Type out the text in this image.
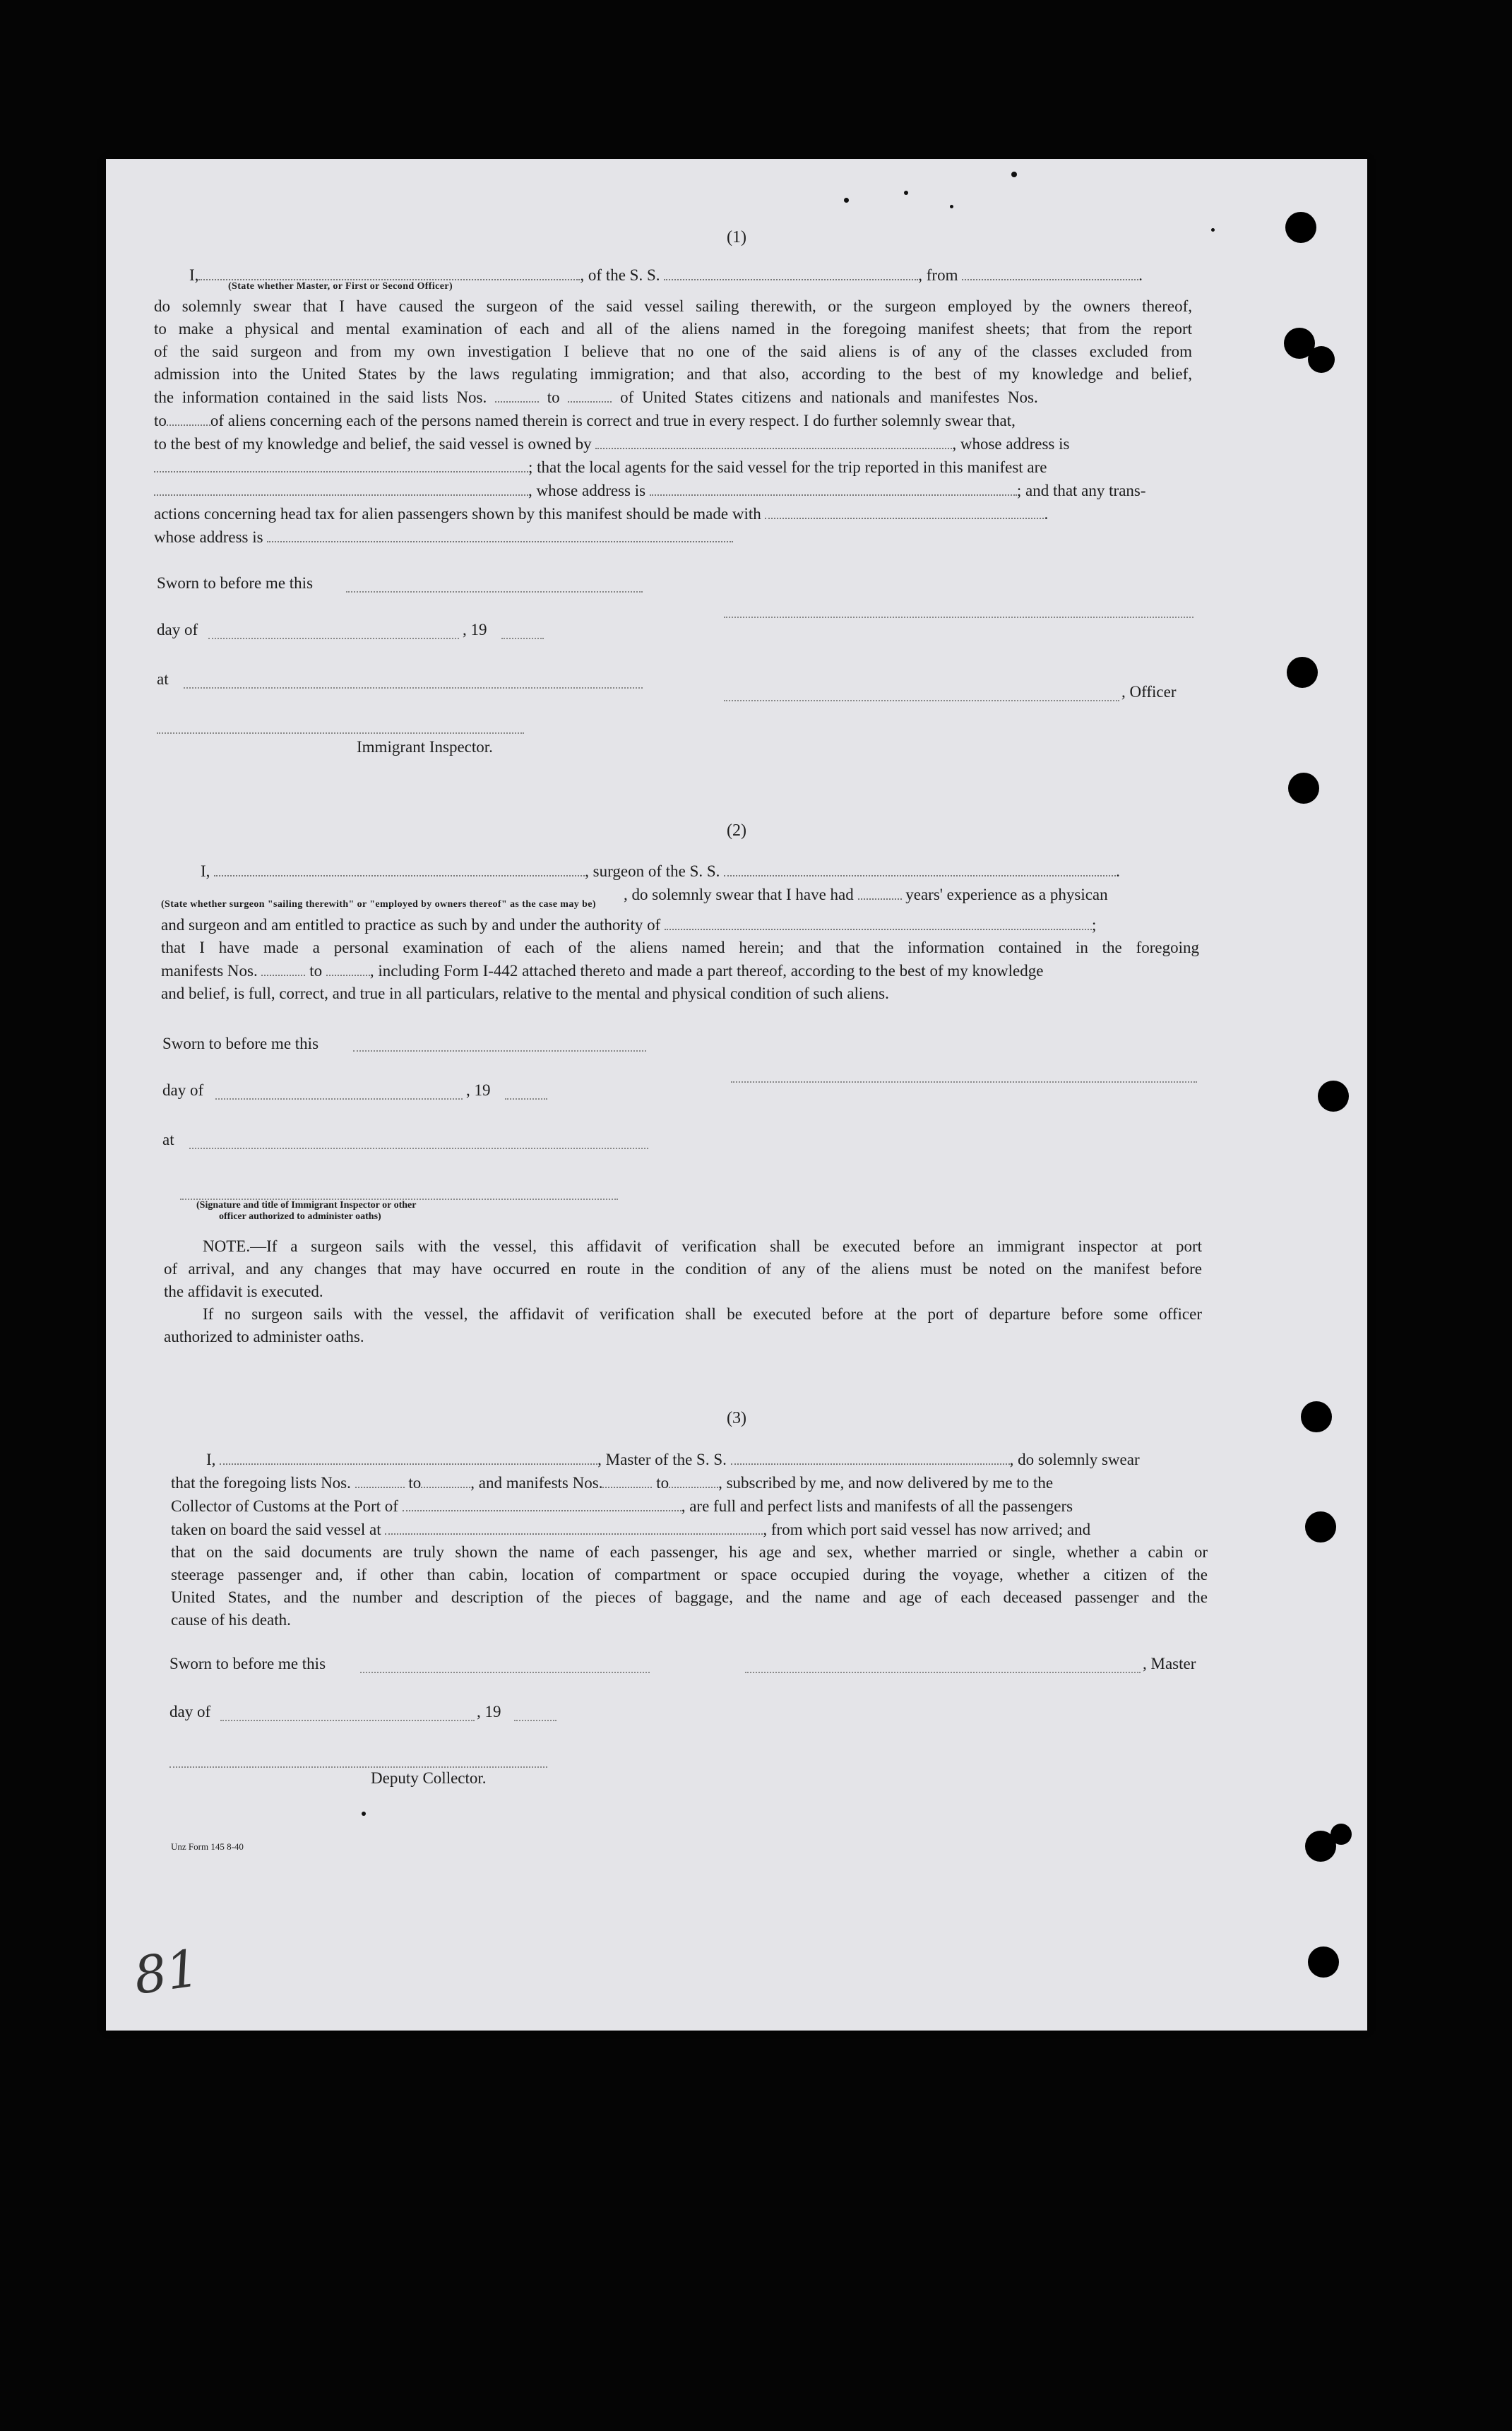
(1)
I,	, of the S. S.	, from	.
(State whether Master, or First or Second Officer)
do solemnly swear that I have caused the surgeon of the said vessel sailing therewith, or the surgeon employed by the owners thereof,
to make a physical and mental examination of each and all of the aliens named in the foregoing manifest sheets; that from the report
of the said surgeon and from my own investigation I believe that no one of the said aliens is of any of the classes excluded from
admission into the United States by the laws regulating immigration; and that also, according to the best of my knowledge and belief,
the information contained in the said lists Nos.	to	of United States citizens and nationals and manifestes Nos.
to	of aliens concerning each of the persons named therein is correct and true in every respect. I do further solemnly swear that,
to the best of my knowledge and belief, the said vessel is owned by	, whose address is
; that the local agents for the said vessel for the trip reported in this manifest are
, whose address is	; and that any trans-
actions concerning head tax for alien passengers shown by this manifest should be made with	.
whose address is
Sworn to before me this
day of	, 19
at
, Officer
Immigrant Inspector.
(2)
I,	, surgeon of the S. S.	.
, do solemnly swear that I have had	years' experience as a physican
(State whether surgeon "sailing therewith" or "employed by owners thereof" as the case may be)
and surgeon and am entitled to practice as such by and under the authority of	;
that I have made a personal examination of each of the aliens named herein; and that the information contained in the foregoing
manifests Nos.	to	, including Form I-442 attached thereto and made a part thereof, according to the best of my knowledge
and belief, is full, correct, and true in all particulars, relative to the mental and physical condition of such aliens.
Sworn to before me this
day of	, 19
at
(Signature and title of Immigrant Inspector or other
officer authorized to administer oaths)
NOTE.—If a surgeon sails with the vessel, this affidavit of verification shall be executed before an immigrant inspector at port
of arrival, and any changes that may have occurred en route in the condition of any of the aliens must be noted on the manifest before
the affidavit is executed.
If no surgeon sails with the vessel, the affidavit of verification shall be executed before at the port of departure before some officer
authorized to administer oaths.
(3)
I,	, Master of the S. S.	, do solemnly swear
that the foregoing lists Nos.	to	, and manifests Nos.	to	, subscribed by me, and now delivered by me to the
Collector of Customs at the Port of	, are full and perfect lists and manifests of all the passengers
taken on board the said vessel at	, from which port said vessel has now arrived; and
that on the said documents are truly shown the name of each passenger, his age and sex, whether married or single, whether a cabin or
steerage passenger and, if other than cabin, location of compartment or space occupied during the voyage, whether a citizen of the
United States, and the number and description of the pieces of baggage, and the name and age of each deceased passenger and the
cause of his death.
Sworn to before me this	, Master
day of	, 19
Deputy Collector.
Unz Form 145 8-40
81
